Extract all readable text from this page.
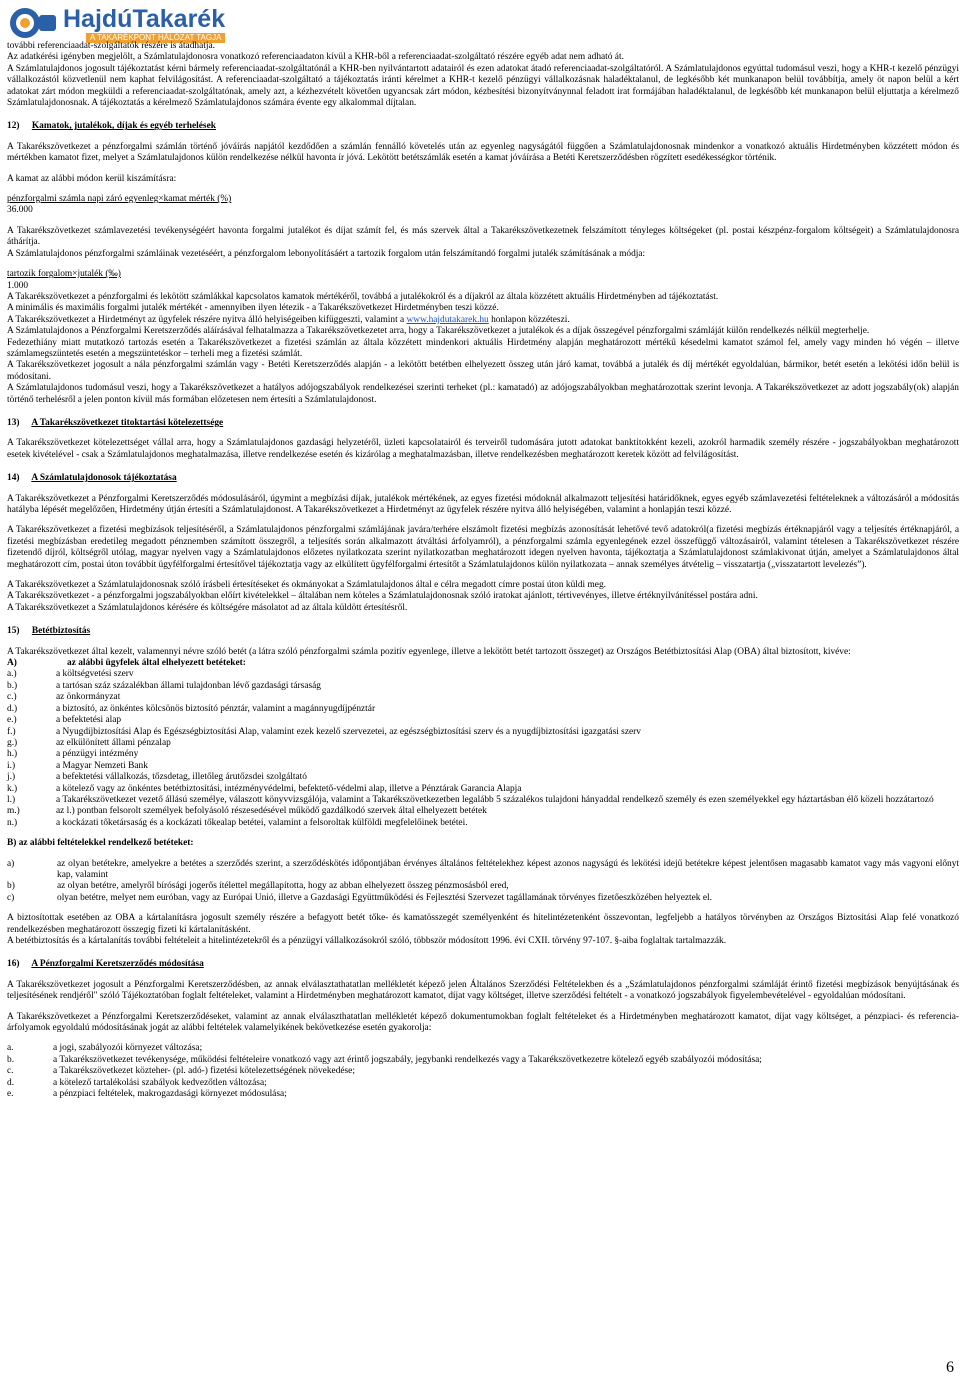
HajdúTakarék
A TAKARÉKPONT HÁLÓZAT TAGJA

további referenciaadat-szolgáltatók részére is átadhatja.

Az adatkérési igényben megjelölt, a Számlatulajdonosra vonatkozó referenciaadaton kívül a KHR-ből a referenciaadat-szolgáltató részére egyéb adat nem adható át.

A Számlatulajdonos jogosult tájékoztatást kérni bármely referenciaadat-szolgáltatónál a KHR-ben nyilvántartott adatairól és ezen adatokat átadó referenciaadat-szolgáltatóról. A Számlatulajdonos egyúttal tudomásul veszi, hogy a KHR-t kezelő pénzügyi vállalkozástól közvetlenül nem kaphat felvilágosítást. A referenciaadat-szolgáltató a tájékoztatás iránti kérelmet a KHR-t kezelő pénzügyi vállalkozásnak haladéktalanul, de legkésőbb két munkanapon belül továbbítja, amely öt napon belül a kért adatokat zárt módon megküldi a referenciaadat-szolgáltatónak, amely azt, a kézhezvételt követően ugyancsak zárt módon, kézbesítési bizonyítványnnal feladott irat formájában haladéktalanul, de legkésőbb két munkanapon belül eljuttatja a kérelmező Számlatulajdonosnak. A tájékoztatás a kérelmező Számlatulajdonos számára évente egy alkalommal díjtalan.

12) Kamatok, jutalékok, díjak és egyéb terhelések

A Takarékszövetkezet a pénzforgalmi számlán történő jóváírás napjától kezdődően a számlán fennálló követelés után az egyenleg nagyságától függően a Számlatulajdonosnak mindenkor a vonatkozó aktuális Hirdetményben közzétett módon és mértékben kamatot fizet, melyet a Számlatulajdonos külön rendelkezése nélkül havonta ír jóvá. Lekötött betétszámlák esetén a kamat jóváírása a Betéti Keretszerződésben rögzített esedékességkor történik.

A kamat az alábbi módon kerül kiszámításra:

pénzforgalmi számla napi záró egyenleg×kamat mérték (%)
36.000

A Takarékszövetkezet számlavezetési tevékenységéért havonta forgalmi jutalékot és díjat számít fel, és más szervek által a Takarékszövetkezetnek felszámított tényleges költségeket (pl. postai készpénz-forgalom költségeit) a Számlatulajdonosra áthárítja.

A Számlatulajdonos pénzforgalmi számláinak vezetéséért, a pénzforgalom lebonyolításáért a tartozik forgalom után felszámítandó forgalmi jutalék számításának a módja:

tartozik forgalom×jutalék (‰)
1.000

A Takarékszövetkezet a pénzforgalmi és lekötött számlákkal kapcsolatos kamatok mértékéről, továbbá a jutalékokról és a díjakról az általa közzétett aktuális Hirdetményben ad tájékoztatást.

A minimális és maximális forgalmi jutalék mértékét - amennyiben ilyen létezik - a Takarékszövetkezet Hirdetményben teszi közzé.

A Takarékszövetkezet a Hirdetményt az ügyfelek részére nyitva álló helyiségeiben kifüggeszti, valamint a www.hajdutakarek.hu honlapon közzéteszi.

A Számlatulajdonos a Pénzforgalmi Keretszerződés aláírásával felhatalmazza a Takarékszövetkezetet arra, hogy a Takarékszövetkezet a jutalékok és a díjak összegével pénzforgalmi számláját külön rendelkezés nélkül megterhelje.

Fedezethiány miatt mutatkozó tartozás esetén a Takarékszövetkezet a fizetési számlán az általa közzétett mindenkori aktuális Hirdetmény alapján meghatározott mértékű késedelmi kamatot számol fel, amely vagy minden hó végén – illetve számlamegszüntetés esetén a megszüntetéskor – terheli meg a fizetési számlát.

A Takarékszövetkezet jogosult a nála pénzforgalmi számlán vagy - Betéti Keretszerződés alapján - a lekötött betétben elhelyezett összeg után járó kamat, továbbá a jutalék és díj mértékét egyoldalúan, bármikor, betét esetén a lekötési időn belül is módosítani.

A Számlatulajdonos tudomásul veszi, hogy a Takarékszövetkezet a hatályos adójogszabályok rendelkezései szerinti terheket (pl.: kamatadó) az adójogszabályokban meghatározottak szerint levonja. A Takarékszövetkezet az adott jogszabály(ok) alapján történő terhelésről a jelen ponton kívül más formában előzetesen nem értesíti a Számlatulajdonost.

13) A Takarékszövetkezet titoktartási kötelezettsége

A Takarékszövetkezet kötelezettséget vállal arra, hogy a Számlatulajdonos gazdasági helyzetéről, üzleti kapcsolatairól és terveiről tudomására jutott adatokat banktitokként kezeli, azokról harmadik személy részére - jogszabályokban meghatározott esetek kivételével - csak a Számlatulajdonos meghatalmazása, illetve rendelkezése esetén és kizárólag a meghatalmazásban, illetve rendelkezésben meghatározott keretek között ad felvilágosítást.

14) A Számlatulajdonosok tájékoztatása

A Takarékszövetkezet a Pénzforgalmi Keretszerződés módosulásáról, úgymint a megbízási díjak, jutalékok mértékének, az egyes fizetési módoknál alkalmazott teljesítési határidőknek, egyes egyéb számlavezetési feltételeknek a változásáról a módosítás hatályba lépését megelőzően, Hirdetmény útján értesíti a Számlatulajdonost. A Takarékszövetkezet a Hirdetményt az ügyfelek részére nyitva álló helyiségében, valamint a honlapján teszi közzé.

A Takarékszövetkezet a fizetési megbízások teljesítéséről, a Számlatulajdonos pénzforgalmi számlájának javára/terhére elszámolt fizetési megbízás azonosítását lehetővé tevő adatokról(a fizetési megbízás értéknapjáról vagy a teljesítés értéknapjáról, a fizetési megbízásban eredetileg megadott pénznemben számított összegről, a teljesítés során alkalmazott átváltási árfolyamról), a pénzforgalmi számla egyenlegének ezzel összefüggő változásairól, valamint tételesen a Takarékszövetkezet részére fizetendő díjról, költségről utólag, magyar nyelven vagy a Számlatulajdonos előzetes nyilatkozata szerint nyilatkozatban meghatározott idegen nyelven havonta, tájékoztatja a Számlatulajdonost számlakivonat útján, amelyet a Számlatulajdonos által meghatározott cím, postai úton továbbít ügyfélforgalmi értesítővel tájékoztatja vagy az elkülített ügyfélforgalmi értesítőt a Számlatulajdonos külön nyilatkozata – annak személyes átvételig – visszatartja („visszatartott levelezés”).

A Takarékszövetkezet a Számlatulajdonosnak szóló írásbeli értesítéseket és okmányokat a Számlatulajdonos által e célra megadott címre postai úton küldi meg.

A Takarékszövetkezet - a pénzforgalmi jogszabályokban előírt kivételekkel – általában nem köteles a Számlatulajdonosnak szóló iratokat ajánlott, tértivevényes, illetve értéknyilvánítéssel postára adni.

A Takarékszövetkezet a Számlatulajdonos kérésére és költségére másolatot ad az általa küldött értesítésről.

15) Betétbiztosítás

A Takarékszövetkezet által kezelt, valamennyi névre szóló betét (a látra szóló pénzforgalmi számla pozitív egyenlege, illetve a lekötött betét tartozott összeget) az Országos Betétbiztosítási Alap (OBA) által biztosított, kivéve:

A)	az alábbi ügyfelek által elhelyezett betéteket:

a.)	a költségvetési szerv
b.)	a tartósan száz százalékban állami tulajdonban lévő gazdasági társaság
c.)	az önkormányzat
d.)	a biztosító, az önkéntes kölcsönös biztosító pénztár, valamint a magánnyugdíjpénztár
e.)	a befektetési alap
f.)	a Nyugdíjbiztosítási Alap és Egészségbiztosítási Alap, valamint ezek kezelő szervezetei, az egészségbiztosítási szerv és a nyugdíjbiztosítási igazgatási szerv
g.)	az elkülönített állami pénzalap
h.)	a pénzügyi intézmény
i.)	a Magyar Nemzeti Bank
j.)	a befektetési vállalkozás, tőzsdetag, illetőleg árutőzsdei szolgáltató
k.)	a kötelező vagy az önkéntes betétbiztosítási, intézményvédelmi, befektető-védelmi alap, illetve a Pénztárak Garancia Alapja
l.)	a Takarékszövetkezet vezető állású személye, válaszott könyvvizsgálója, valamint a Takarékszövetkezetben legalább 5 százalékos tulajdoni hányaddal rendelkező személy és ezen személyekkel egy háztartásban élő közeli hozzátartozó
m.)	az l.) pontban felsorolt személyek befolyásoló részesedésével működő gazdálkodó szervek által elhelyezett betétek
n.)	a kockázati tőketársaság és a kockázati tőkealap betétei, valamint a felsoroltak külföldi megfelelőinek betétei.

B) az alábbi feltételekkel rendelkező betéteket:

a)	az olyan betétekre, amelyekre a betétes a szerződés szerint, a szerződéskötés időpontjában érvényes általános feltételekhez képest azonos nagyságú és lekötési idejű betétekre képest jelentősen magasabb kamatot vagy más vagyoni előnyt kap, valamint
b)	az olyan betétre, amelyről bírósági jogerős ítélettel megállapította, hogy az abban elhelyezett összeg pénzmosásból ered,
c)	olyan betétre, melyet nem euróban, vagy az Európai Unió, illetve a Gazdasági Együttműködési és Fejlesztési Szervezet tagállamának törvényes fizetőeszközében helyeztek el.

A biztosítottak esetében az OBA a kártalanításra jogosult személy részére a befagyott betét tőke- és kamatösszegét személyenként és hitelintézetenként összevontan, legfeljebb a hatályos törvényben az Országos Biztosítási Alap felé vonatkozó rendelkezésben meghatározott összegig fizeti ki kártalanításként.

A betétbiztosítás és a kártalanítás további feltételeit a hitelintézetekről és a pénzügyi vállalkozásokról szóló, többször módosított 1996. évi CXII. törvény 97-107. §-aiba foglaltak tartalmazzák.

16) A Pénzforgalmi Keretszerződés módosítása

A Takarékszövetkezet jogosult a Pénzforgalmi Keretszerződésben, az annak elválasztathatatlan mellékletét képező jelen Általános Szerződési Feltételekben és a „Számlatulajdonos pénzforgalmi számláját érintő fizetési megbízások benyújtásának és teljesítésének rendjéről" szóló Tájékoztatóban foglalt feltételeket, valamint a Hirdetményben meghatározott kamatot, díjat vagy költséget, illetve szerződési feltételt - a vonatkozó jogszabályok figyelembevételével - egyoldalúan módosítani.

A Takarékszövetkezet a Pénzforgalmi Keretszerződéseket, valamint az annak elválaszthatatlan mellékletét képező dokumentumokban foglalt feltételeket és a Hirdetményben meghatározott kamatot, díjat vagy költséget, a pénzpiaci- és referencia-árfolyamok egyoldalú módosításának jogát az alábbi feltételek valamelyikének bekövetkezése esetén gyakorolja:

a.	a jogi, szabályozói környezet változása;
b.	a Takarékszövetkezet tevékenysége, működési feltételeire vonatkozó vagy azt érintő jogszabály, jegybanki rendelkezés vagy a Takarékszövetkezetre kötelező egyéb szabályozói módosítása;
c.	a Takarékszövetkezet közteher- (pl. adó-) fizetési kötelezettségének növekedése;
d.	a kötelező tartalékolási szabályok kedvezőtlen változása;
e.	a pénzpiaci feltételek, makrogazdasági környezet módosulása;
6
